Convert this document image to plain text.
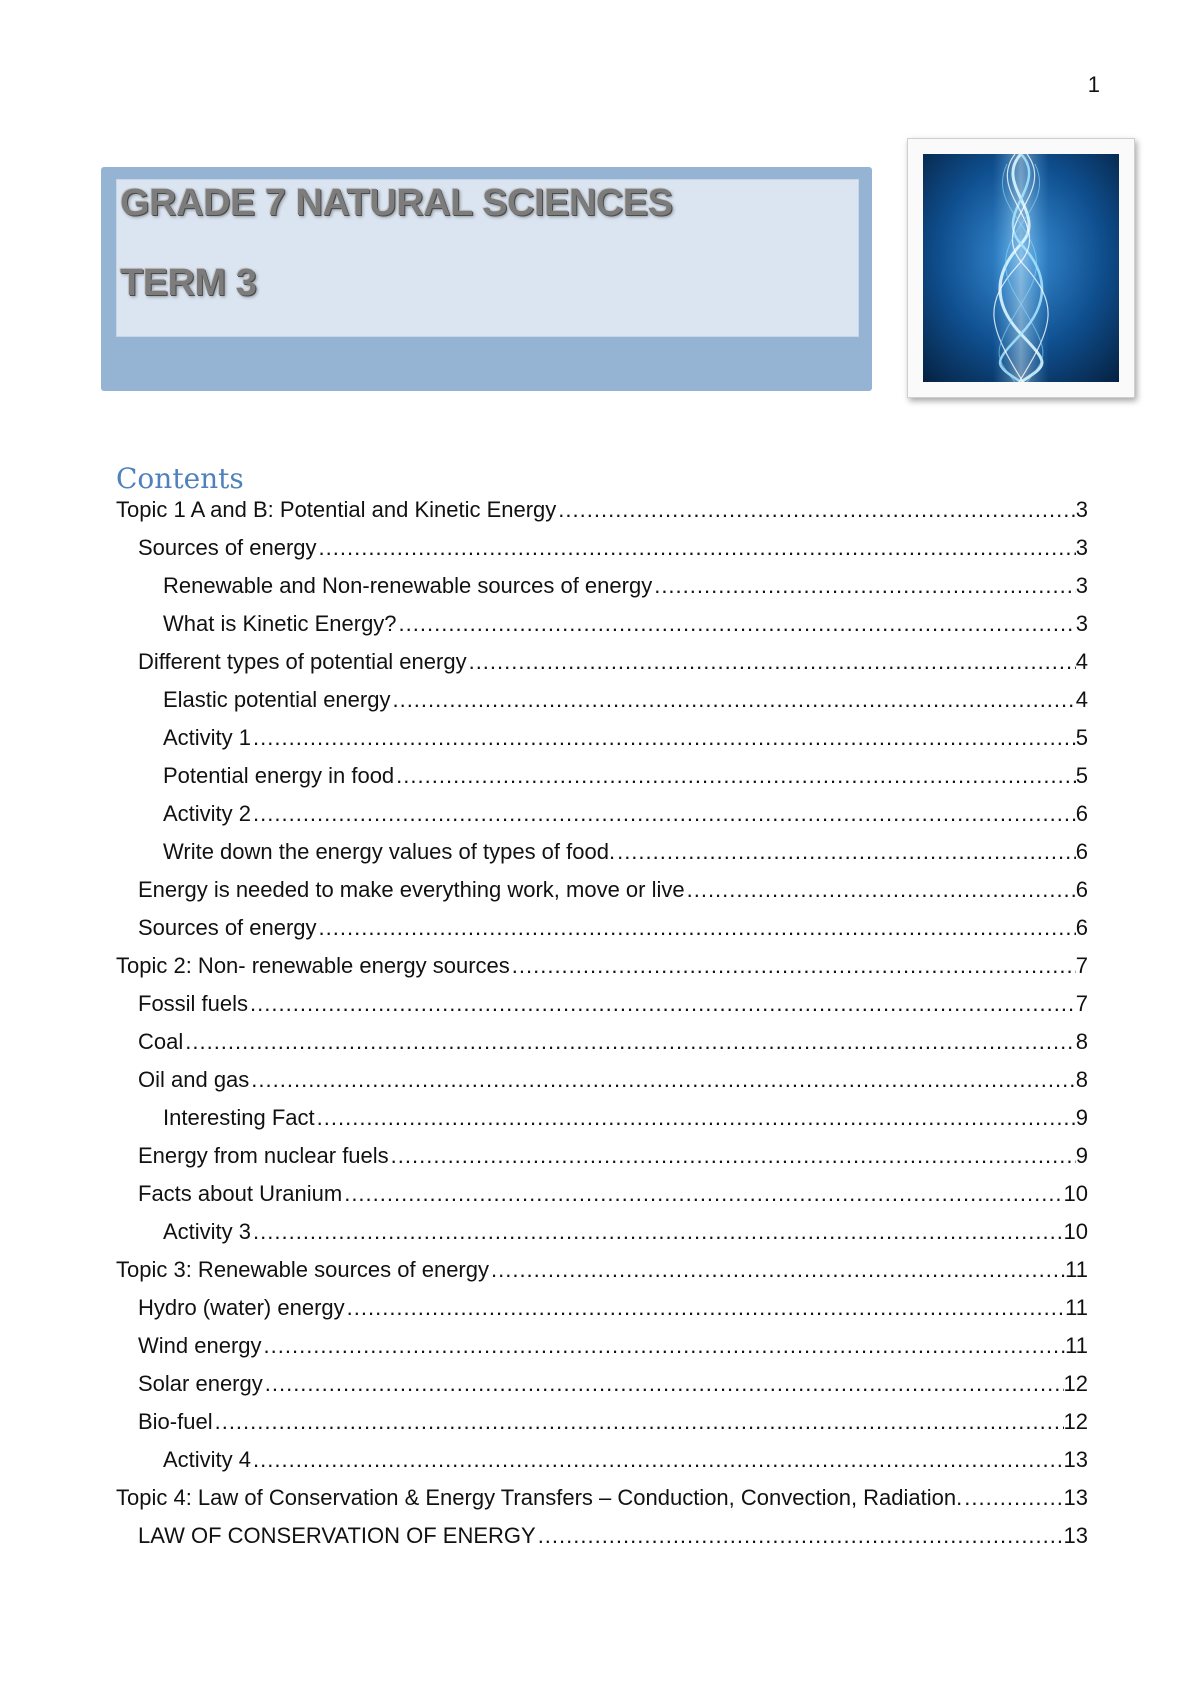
1
GRADE 7 NATURAL SCIENCES
TERM 3
Contents
Topic 1 A and B: Potential and Kinetic Energy .....	3
Sources of energy .....	3
Renewable and Non-renewable sources of energy .....	3
What is Kinetic Energy? .....	3
Different types of potential energy .....	4
Elastic potential energy .....	4
Activity 1 .....	5
Potential energy in food .....	5
Activity 2 .....	6
Write down the energy values of types of food. .....	6
Energy is needed to make everything work, move or live .....	6
Sources of energy .....	6
Topic 2: Non- renewable energy sources .....	7
Fossil fuels .....	7
Coal .....	8
Oil and gas .....	8
Interesting Fact .....	9
Energy from nuclear fuels .....	9
Facts about Uranium .....	10
Activity 3 .....	10
Topic 3: Renewable sources of energy .....	11
Hydro (water) energy .....	11
Wind energy .....	11
Solar energy .....	12
Bio-fuel .....	12
Activity 4 .....	13
Topic 4: Law of Conservation & Energy Transfers – Conduction, Convection, Radiation. .....	13
LAW OF CONSERVATION OF ENERGY .....	13
